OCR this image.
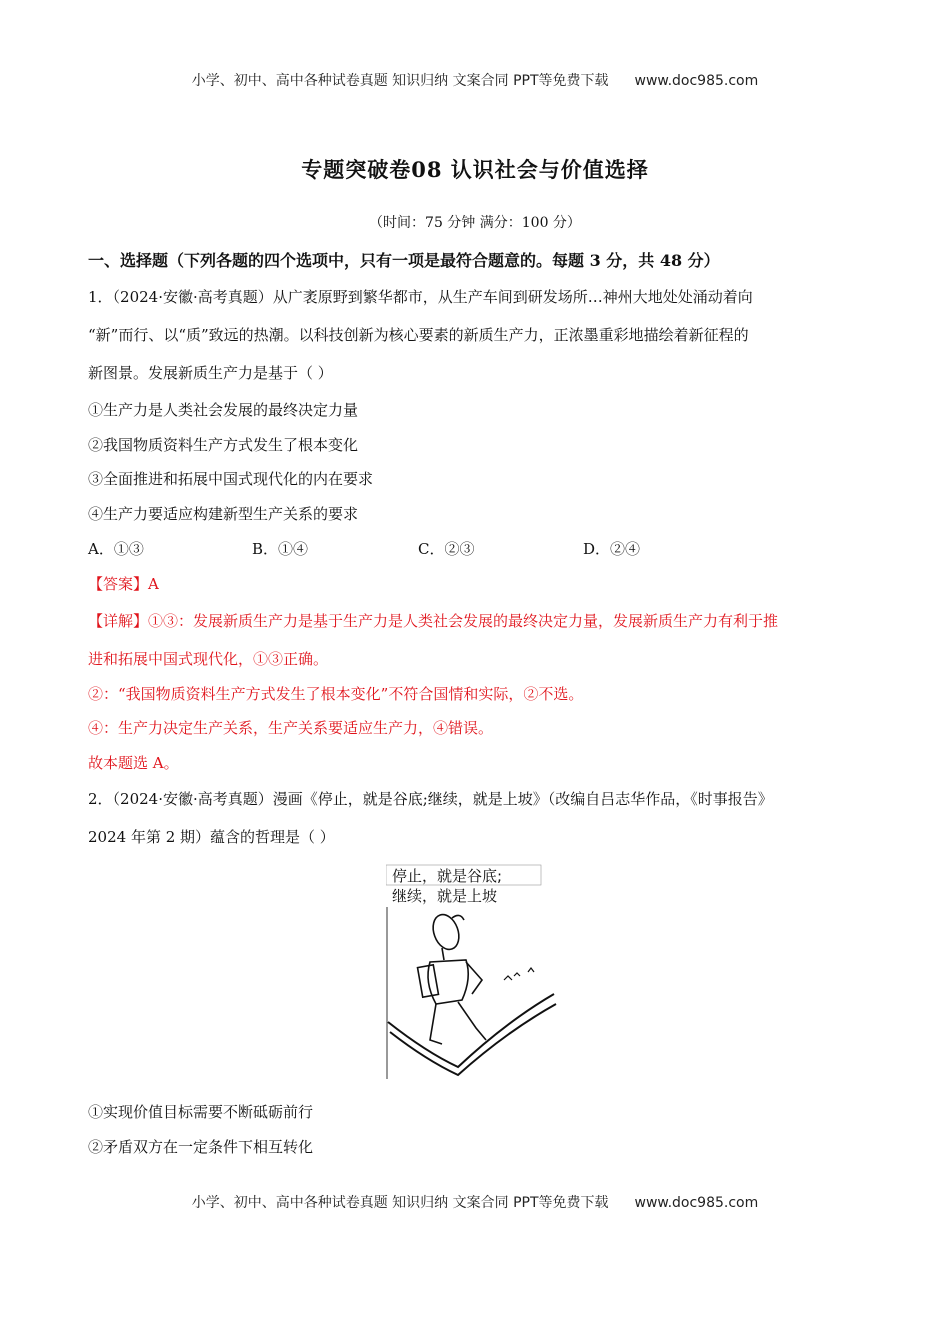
小学、初中、高中各种试卷真题 知识归纳 文案合同 PPT等免费下载 www.doc985.com
专题突破卷08 认识社会与价值选择
（时间：75 分钟 满分：100 分）
一、选择题（下列各题的四个选项中，只有一项是最符合题意的。每题 3 分，共 48 分）
1．（2024·安徽·高考真题）从广袤原野到繁华都市，从生产车间到研发场所…神州大地处处涌动着向
“新”而行、以“质”致远的热潮。以科技创新为核心要素的新质生产力，正浓墨重彩地描绘着新征程的
新图景。发展新质生产力是基于（ ）
①生产力是人类社会发展的最终决定力量
②我国物质资料生产方式发生了根本变化
③全面推进和拓展中国式现代化的内在要求
④生产力要适应构建新型生产关系的要求
A．①③	B．①④	C．②③	D．②④
【答案】A
【详解】①③：发展新质生产力是基于生产力是人类社会发展的最终决定力量，发展新质生产力有利于推
进和拓展中国式现代化，①③正确。
②：“我国物质资料生产方式发生了根本变化”不符合国情和实际，②不选。
④：生产力决定生产关系，生产关系要适应生产力，④错误。
故本题选 A。
2．（2024·安徽·高考真题）漫画《停止，就是谷底;继续，就是上坡》（改编自吕志华作品，《时事报告》
2024 年第 2 期）蕴含的哲理是（ ）
停止，就是谷底;
继续，就是上坡
①实现价值目标需要不断砥砺前行
②矛盾双方在一定条件下相互转化
小学、初中、高中各种试卷真题 知识归纳 文案合同 PPT等免费下载 www.doc985.com
